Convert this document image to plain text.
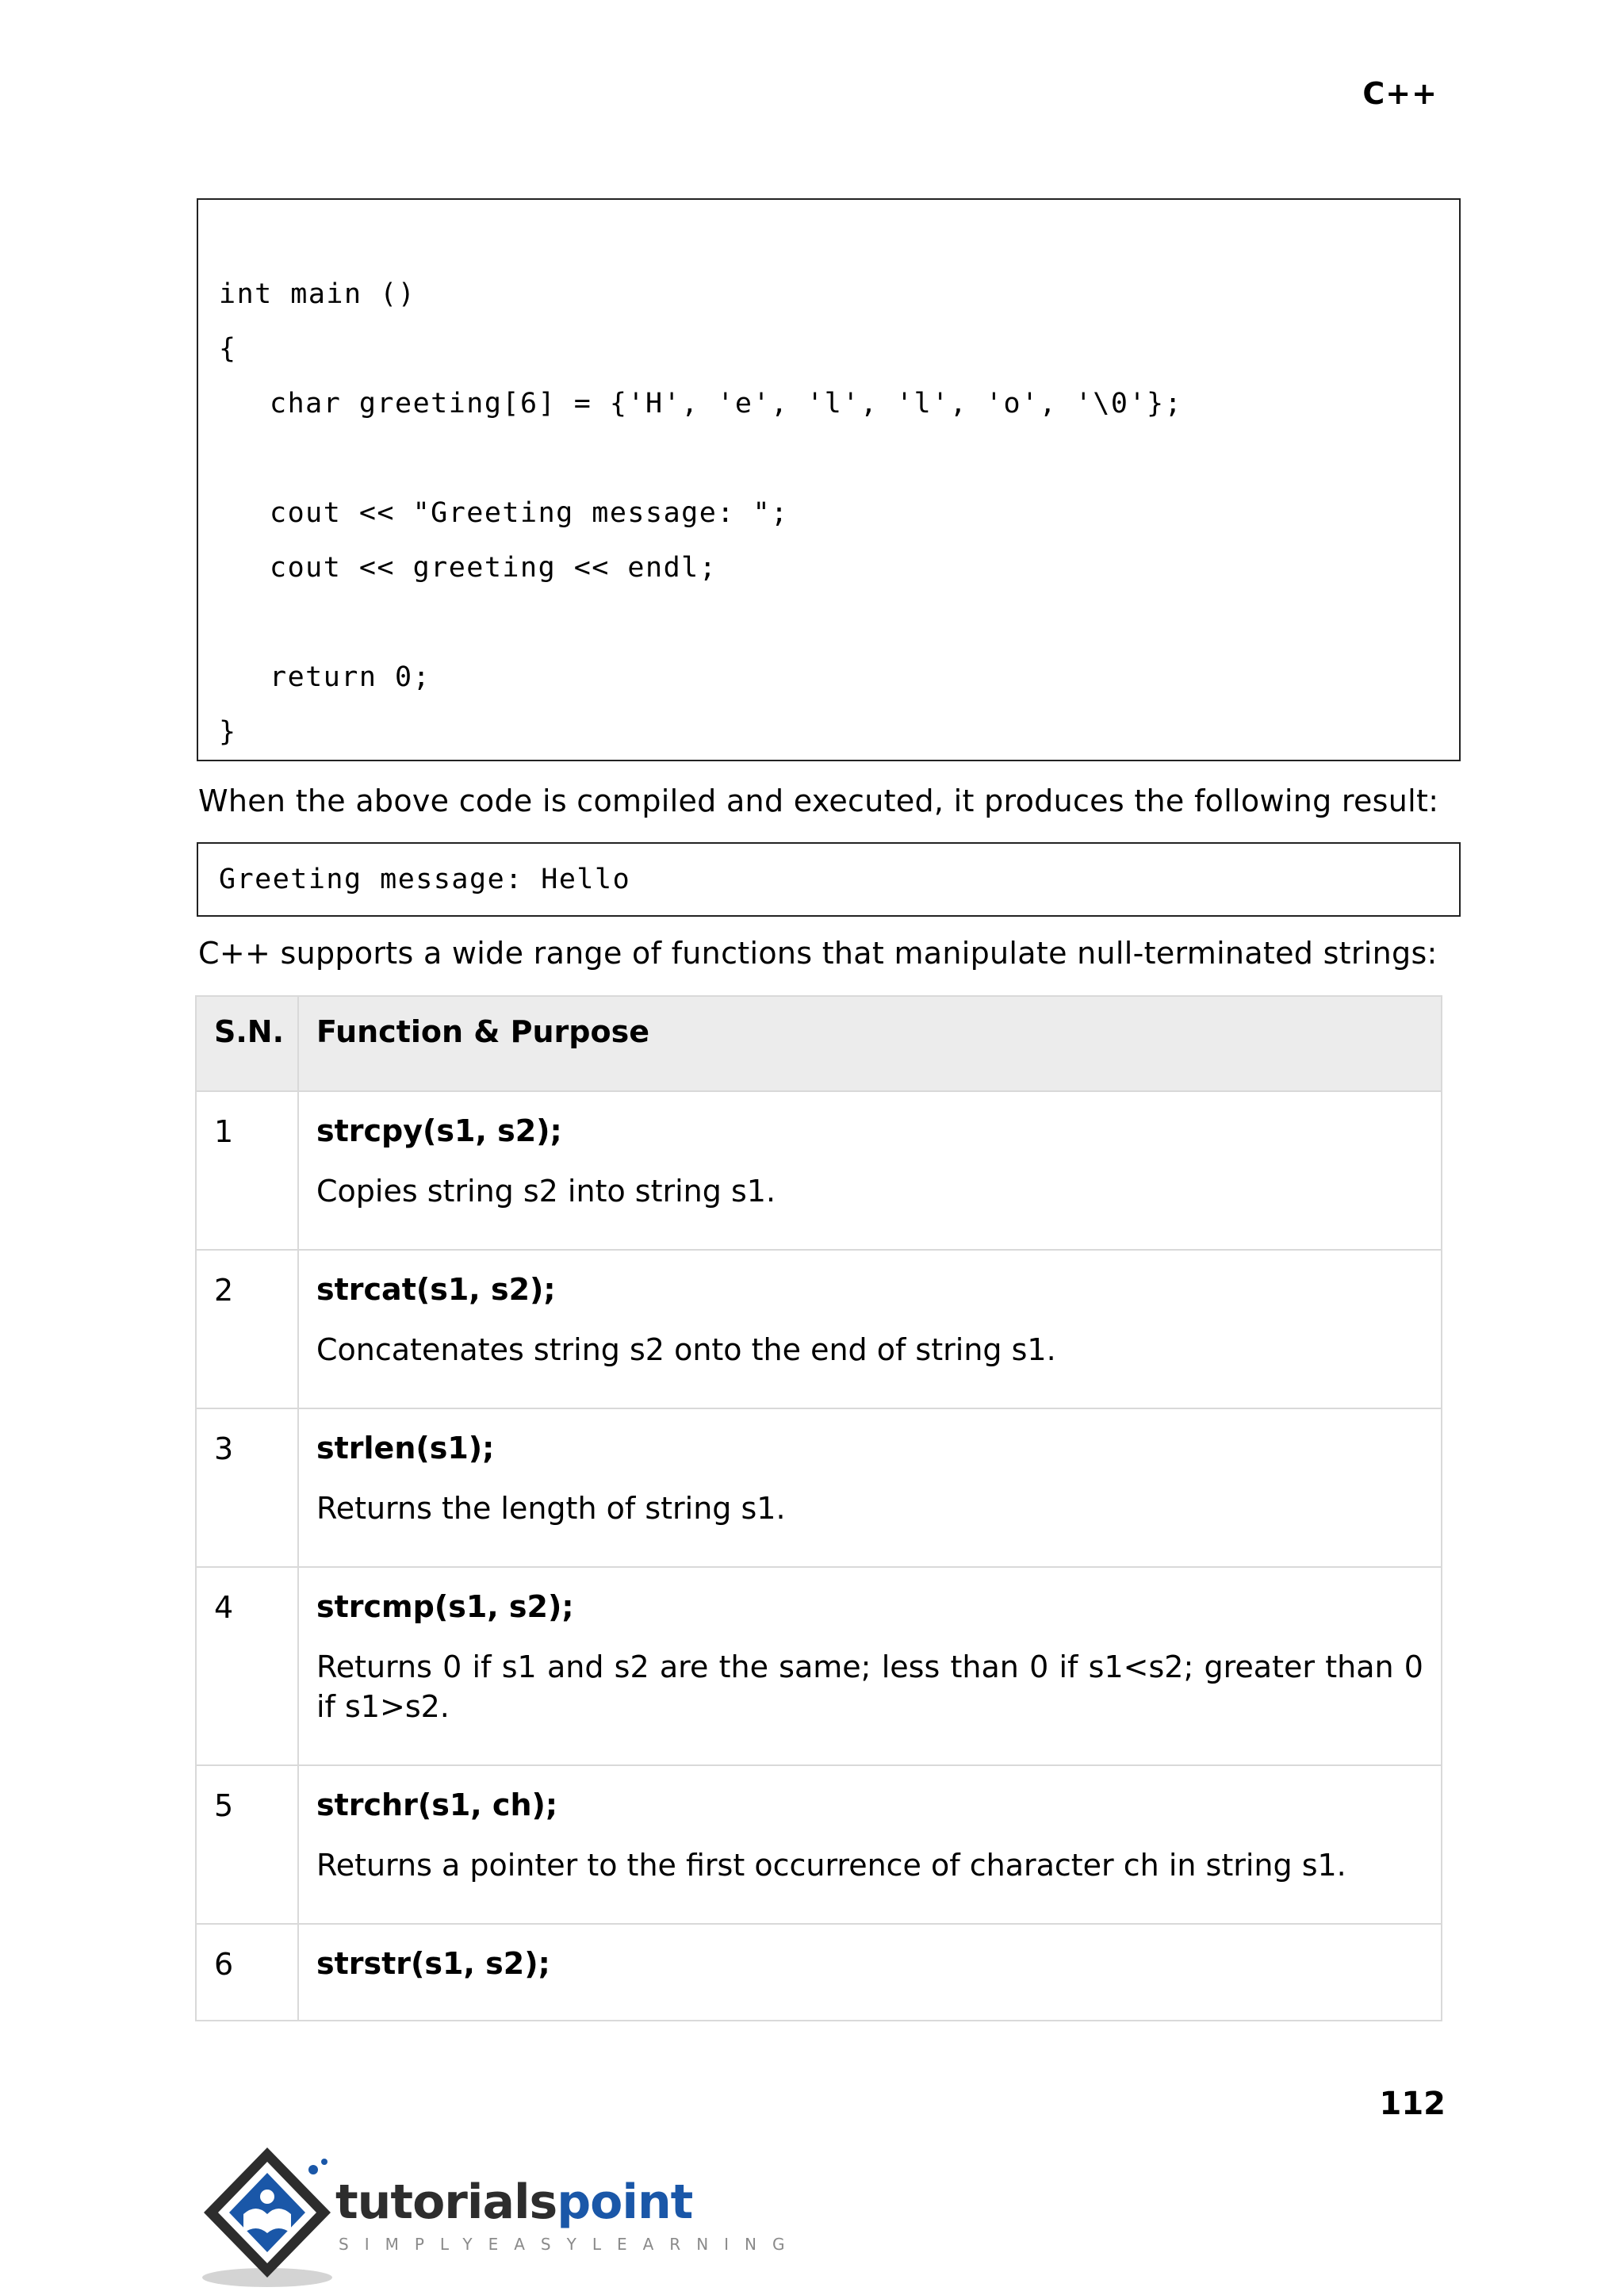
C++
int main ()
{
char greeting[6] = {'H', 'e', 'l', 'l', 'o', '\0'};
cout << "Greeting message: ";
cout << greeting << endl;
return 0;
}
When the above code is compiled and executed, it produces the following result:
Greeting message: Hello
C++ supports a wide range of functions that manipulate null-terminated strings:
S.N.	Function & Purpose
1	strcpy(s1, s2);
Copies string s2 into string s1.

2	strcat(s1, s2);
Concatenates string s2 onto the end of string s1.

3	strlen(s1);
Returns the length of string s1.

4	strcmp(s1, s2);
Returns 0 if s1 and s2 are the same; less than 0 if s1<s2; greater than 0 if s1>s2.

5	strchr(s1, ch);
Returns a pointer to the first occurrence of character ch in string s1.

6	strstr(s1, s2);
112
tutorialspoint
SIMPLYEASYLEARNING
